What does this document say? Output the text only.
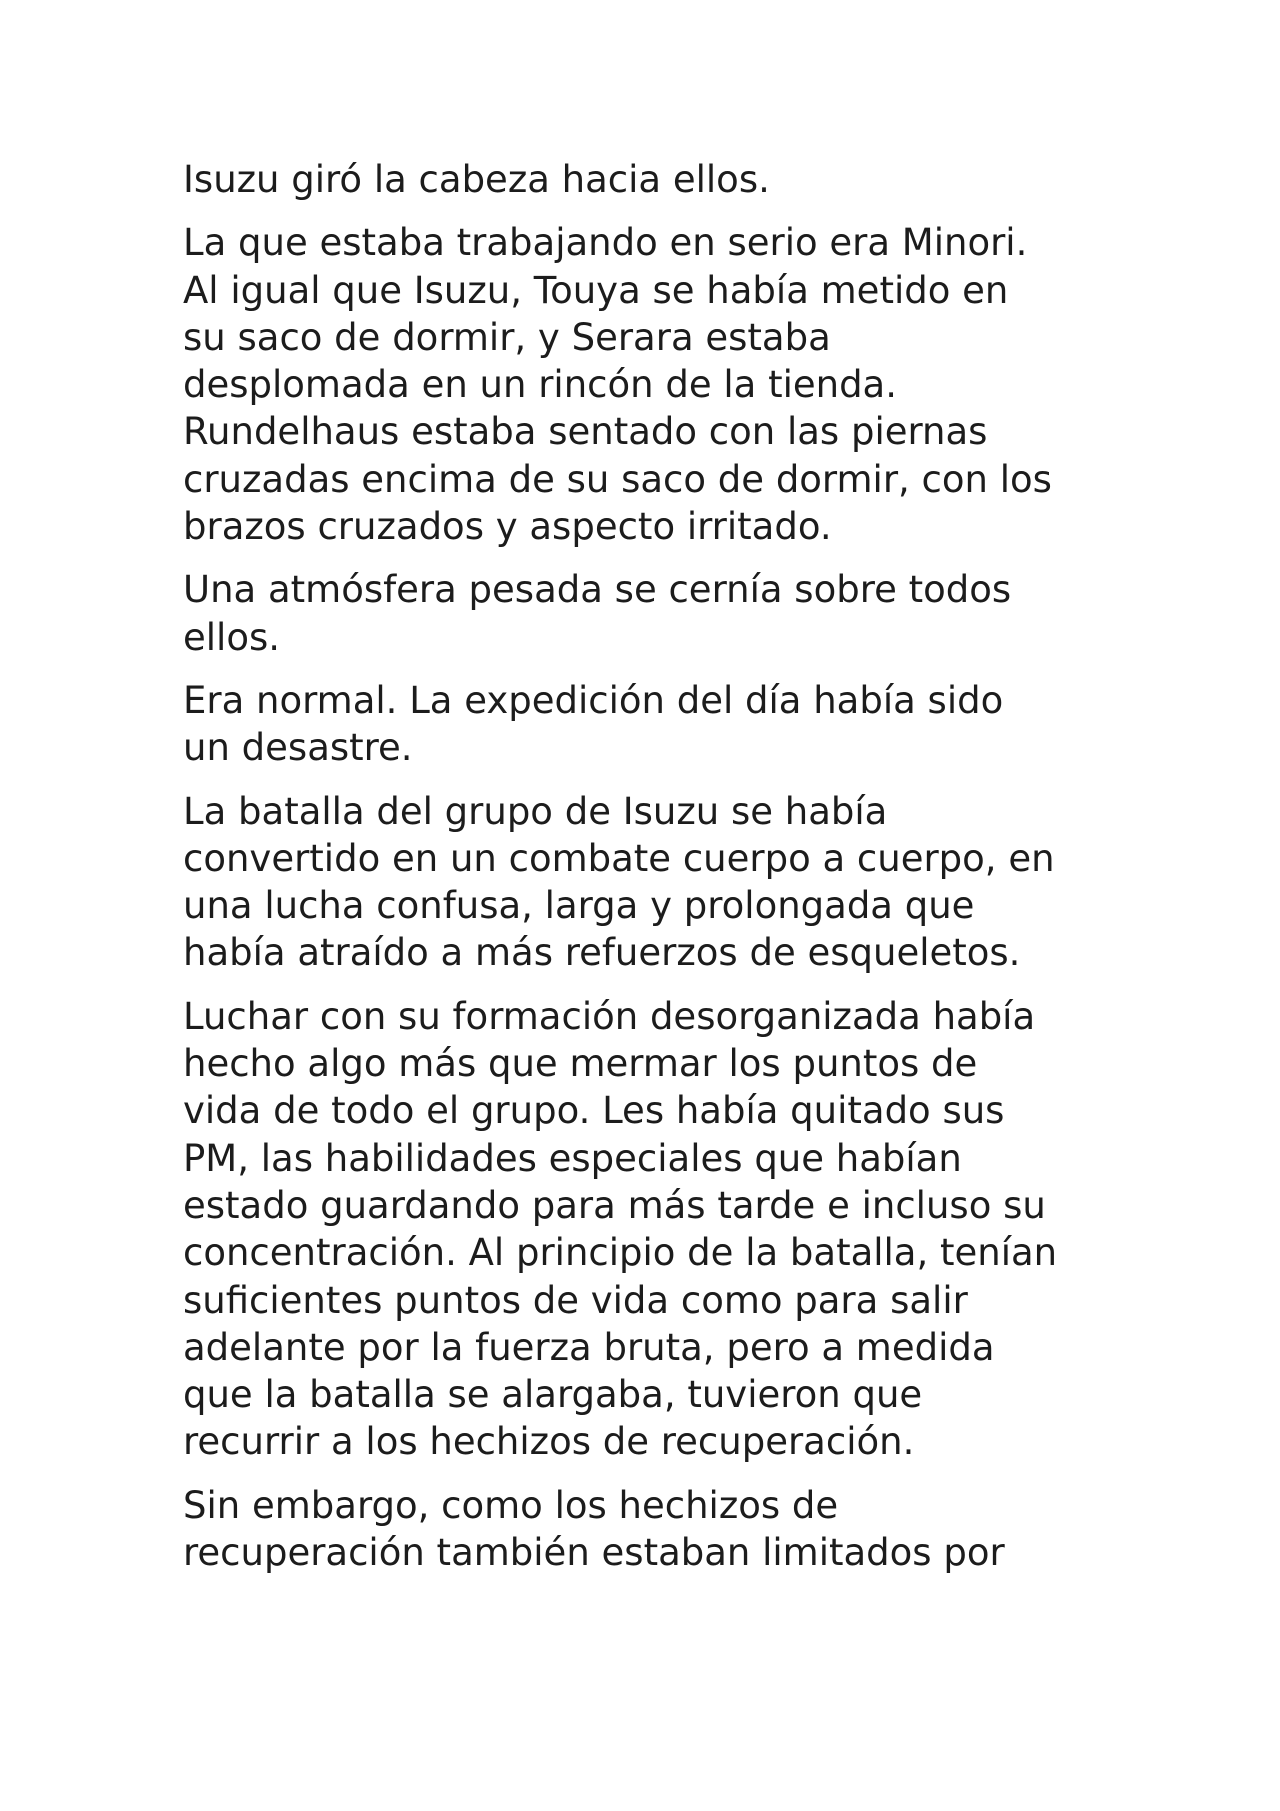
Isuzu giró la cabeza hacia ellos.

La que estaba trabajando en serio era Minori.
Al igual que Isuzu, Touya se había metido en
su saco de dormir, y Serara estaba
desplomada en un rincón de la tienda.
Rundelhaus estaba sentado con las piernas
cruzadas encima de su saco de dormir, con los
brazos cruzados y aspecto irritado.

Una atmósfera pesada se cernía sobre todos
ellos.

Era normal. La expedición del día había sido
un desastre.

La batalla del grupo de Isuzu se había
convertido en un combate cuerpo a cuerpo, en
una lucha confusa, larga y prolongada que
había atraído a más refuerzos de esqueletos.

Luchar con su formación desorganizada había
hecho algo más que mermar los puntos de
vida de todo el grupo. Les había quitado sus
PM, las habilidades especiales que habían
estado guardando para más tarde e incluso su
concentración. Al principio de la batalla, tenían
suficientes puntos de vida como para salir
adelante por la fuerza bruta, pero a medida
que la batalla se alargaba, tuvieron que
recurrir a los hechizos de recuperación.

Sin embargo, como los hechizos de
recuperación también estaban limitados por
